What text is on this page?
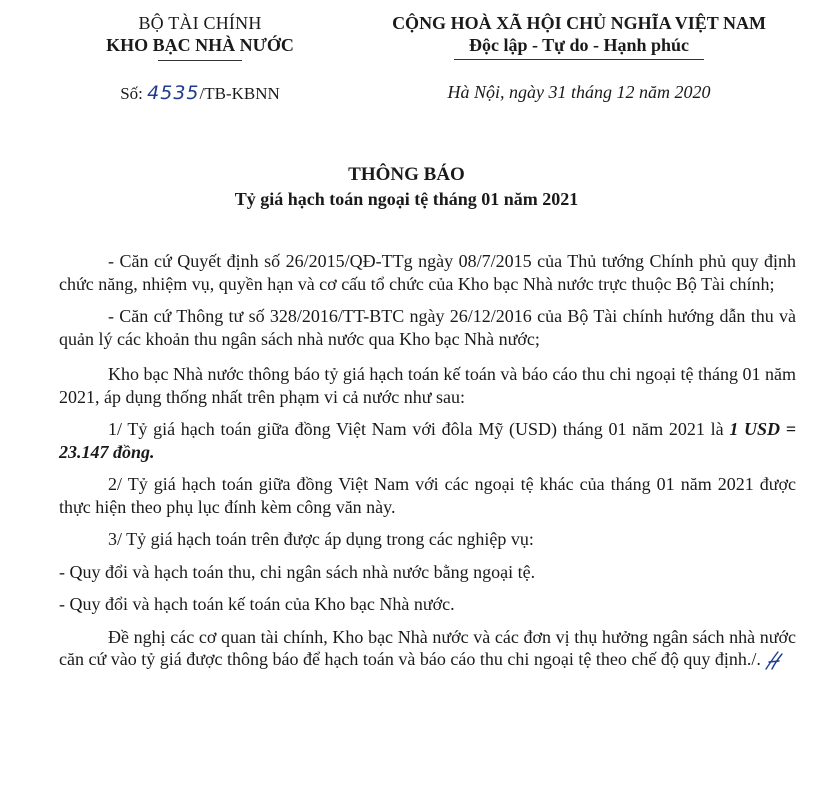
BỘ TÀI CHÍNH
KHO BẠC NHÀ NƯỚC
Số: 4535/TB-KBNN
CỘNG HOÀ XÃ HỘI CHỦ NGHĨA VIỆT NAM
Độc lập - Tự do - Hạnh phúc
Hà Nội, ngày 31 tháng 12 năm 2020
THÔNG BÁO
Tỷ giá hạch toán ngoại tệ tháng 01 năm 2021

- Căn cứ Quyết định số 26/2015/QĐ-TTg ngày 08/7/2015 của Thủ tướng Chính phủ quy định chức năng, nhiệm vụ, quyền hạn và cơ cấu tổ chức của Kho bạc Nhà nước trực thuộc Bộ Tài chính;

- Căn cứ Thông tư số 328/2016/TT-BTC ngày 26/12/2016 của Bộ Tài chính hướng dẫn thu và quản lý các khoản thu ngân sách nhà nước qua Kho bạc Nhà nước;

Kho bạc Nhà nước thông báo tỷ giá hạch toán kế toán và báo cáo thu chi ngoại tệ tháng 01 năm 2021, áp dụng thống nhất trên phạm vi cả nước như sau:

1/ Tỷ giá hạch toán giữa đồng Việt Nam với đôla Mỹ (USD) tháng 01 năm 2021 là 1 USD = 23.147 đồng.

2/ Tỷ giá hạch toán giữa đồng Việt Nam với các ngoại tệ khác của tháng 01 năm 2021 được thực hiện theo phụ lục đính kèm công văn này.

3/ Tỷ giá hạch toán trên được áp dụng trong các nghiệp vụ:

- Quy đổi và hạch toán thu, chi ngân sách nhà nước bằng ngoại tệ.

- Quy đổi và hạch toán kế toán của Kho bạc Nhà nước.

Đề nghị các cơ quan tài chính, Kho bạc Nhà nước và các đơn vị thụ hưởng ngân sách nhà nước căn cứ vào tỷ giá được thông báo để hạch toán và báo cáo thu chi ngoại tệ theo chế độ quy định./.
